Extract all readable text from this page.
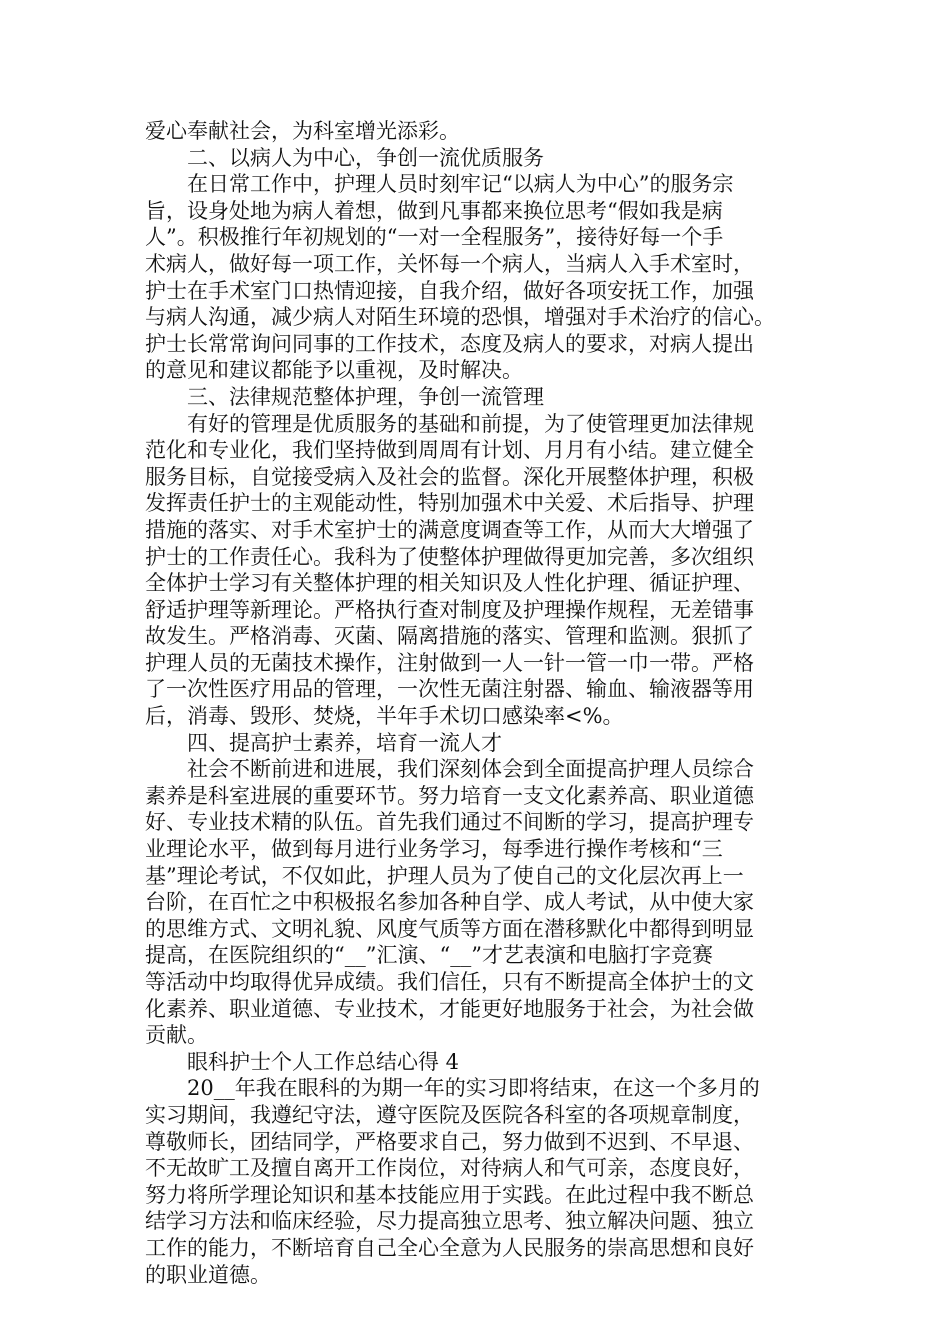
爱心奉献社会，为科室增光添彩。
二、以病人为中心，争创一流优质服务
在日常工作中，护理人员时刻牢记“以病人为中心”的服务宗
旨，设身处地为病人着想，做到凡事都来换位思考“假如我是病
人”。积极推行年初规划的“一对一全程服务”，接待好每一个手
术病人，做好每一项工作，关怀每一个病人，当病人入手术室时，
护士在手术室门口热情迎接，自我介绍，做好各项安抚工作，加强
与病人沟通，减少病人对陌生环境的恐惧，增强对手术治疗的信心。
护士长常常询问同事的工作技术，态度及病人的要求，对病人提出
的意见和建议都能予以重视，及时解决。
三、法律规范整体护理，争创一流管理
有好的管理是优质服务的基础和前提，为了使管理更加法律规
范化和专业化，我们坚持做到周周有计划、月月有小结。建立健全
服务目标，自觉接受病入及社会的监督。深化开展整体护理，积极
发挥责任护士的主观能动性，特别加强术中关爱、术后指导、护理
措施的落实、对手术室护士的满意度调查等工作，从而大大增强了
护士的工作责任心。我科为了使整体护理做得更加完善，多次组织
全体护士学习有关整体护理的相关知识及人性化护理、循证护理、
舒适护理等新理论。严格执行查对制度及护理操作规程，无差错事
故发生。严格消毒、灭菌、隔离措施的落实、管理和监测。狠抓了
护理人员的无菌技术操作，注射做到一人一针一管一巾一带。严格
了一次性医疗用品的管理，一次性无菌注射器、输血、输液器等用
后，消毒、毁形、焚烧，半年手术切口感染率<%。
四、提高护士素养，培育一流人才
社会不断前进和进展，我们深刻体会到全面提高护理人员综合
素养是科室进展的重要环节。努力培育一支文化素养高、职业道德
好、专业技术精的队伍。首先我们通过不间断的学习，提高护理专
业理论水平，做到每月进行业务学习，每季进行操作考核和“三
基”理论考试，不仅如此，护理人员为了使自己的文化层次再上一
台阶，在百忙之中积极报名参加各种自学、成人考试，从中使大家
的思维方式、文明礼貌、风度气质等方面在潜移默化中都得到明显
提高，在医院组织的“__”汇演、“__”才艺表演和电脑打字竞赛
等活动中均取得优异成绩。我们信任，只有不断提高全体护士的文
化素养、职业道德、专业技术，才能更好地服务于社会，为社会做
贡献。
眼科护士个人工作总结心得 4
20__年我在眼科的为期一年的实习即将结束，在这一个多月的
实习期间，我遵纪守法，遵守医院及医院各科室的各项规章制度，
尊敬师长，团结同学，严格要求自己，努力做到不迟到、不早退、
不无故旷工及擅自离开工作岗位，对待病人和气可亲，态度良好，
努力将所学理论知识和基本技能应用于实践。在此过程中我不断总
结学习方法和临床经验，尽力提高独立思考、独立解决问题、独立
工作的能力，不断培育自己全心全意为人民服务的崇高思想和良好
的职业道德。
